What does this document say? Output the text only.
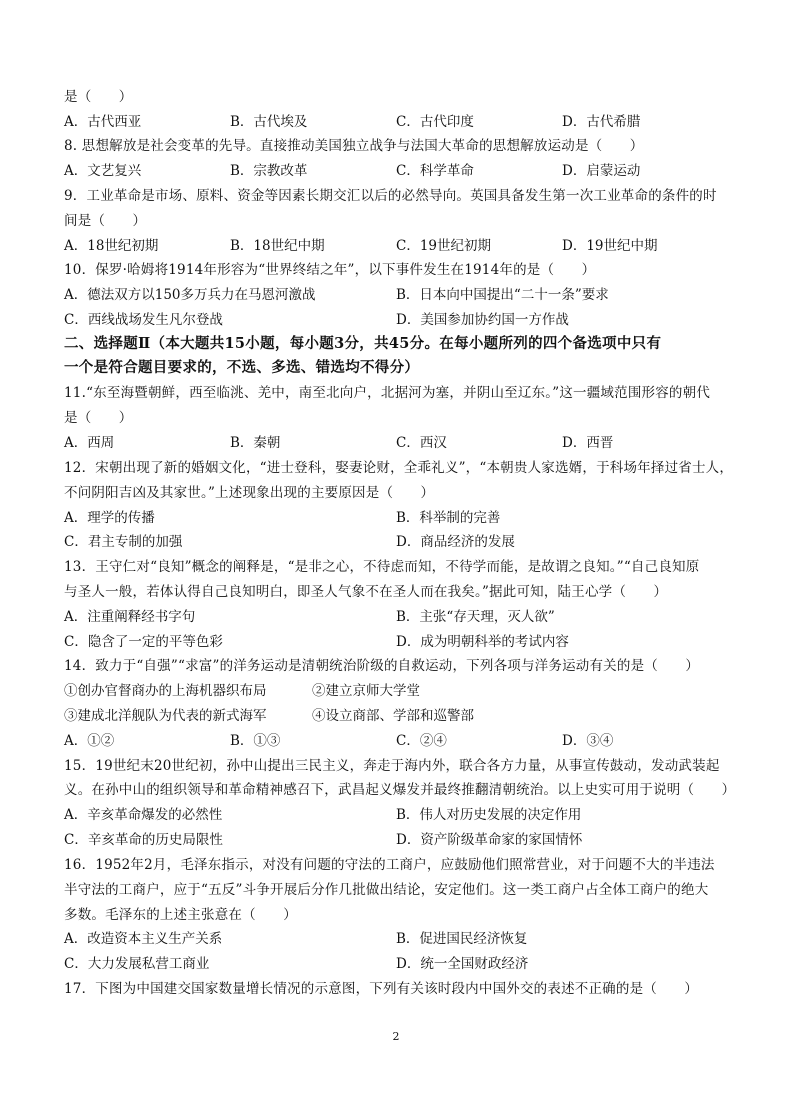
是（　　）
A．古代西亚	B．古代埃及	C．古代印度	D．古代希腊
8. 思想解放是社会变革的先导。直接推动美国独立战争与法国大革命的思想解放运动是（　　）
A．文艺复兴	B．宗教改革	C．科学革命	D．启蒙运动
9．工业革命是市场、原料、资金等因素长期交汇以后的必然导向。英国具备发生第一次工业革命的条件的时
间是（　　）
A．18世纪初期	B．18世纪中期	C．19世纪初期	D．19世纪中期
10．保罗·哈姆将1914年形容为“世界终结之年”，以下事件发生在1914年的是（　　）
A．德法双方以150多万兵力在马恩河激战	B．日本向中国提出“二十一条”要求
C．西线战场发生凡尔登战	D．美国参加协约国一方作战
二、选择题Ⅱ（本大题共15小题，每小题3分，共45分。在每小题所列的四个备选项中只有
一个是符合题目要求的，不选、多选、错选均不得分）
11.“东至海暨朝鲜，西至临洮、羌中，南至北向户，北据河为塞，并阴山至辽东。”这一疆域范围形容的朝代
是（　　）
A．西周	B．秦朝	C．西汉	D．西晋
12．宋朝出现了新的婚姻文化，“进士登科，娶妻论财，全乖礼义”，“本朝贵人家选婿，于科场年择过省士人，
不问阴阳吉凶及其家世。”上述现象出现的主要原因是（　　）
A．理学的传播	B．科举制的完善
C．君主专制的加强	D．商品经济的发展
13．王守仁对“良知”概念的阐释是，“是非之心，不待虑而知，不待学而能，是故谓之良知。”“自己良知原
与圣人一般，若体认得自己良知明白，即圣人气象不在圣人而在我矣。”据此可知，陆王心学（　　）
A．注重阐释经书字句	B．主张“存天理，灭人欲”
C．隐含了一定的平等色彩	D．成为明朝科举的考试内容
14．致力于“自强”“求富”的洋务运动是清朝统治阶级的自救运动，下列各项与洋务运动有关的是（　　）
①创办官督商办的上海机器织布局	②建立京师大学堂
③建成北洋舰队为代表的新式海军	④设立商部、学部和巡警部
A．①②	B．①③	C．②④	D．③④
15．19世纪末20世纪初，孙中山提出三民主义，奔走于海内外，联合各方力量，从事宣传鼓动，发动武装起
义。在孙中山的组织领导和革命精神感召下，武昌起义爆发并最终推翻清朝统治。以上史实可用于说明（　　）
A．辛亥革命爆发的必然性	B．伟人对历史发展的决定作用
C．辛亥革命的历史局限性	D．资产阶级革命家的家国情怀
16．1952年2月，毛泽东指示，对没有问题的守法的工商户，应鼓励他们照常营业，对于问题不大的半违法
半守法的工商户，应于“五反”斗争开展后分作几批做出结论，安定他们。这一类工商户占全体工商户的绝大
多数。毛泽东的上述主张意在（　　）
A．改造资本主义生产关系	B．促进国民经济恢复
C．大力发展私营工商业	D．统一全国财政经济
17．下图为中国建交国家数量增长情况的示意图，下列有关该时段内中国外交的表述不正确的是（　　）
2
